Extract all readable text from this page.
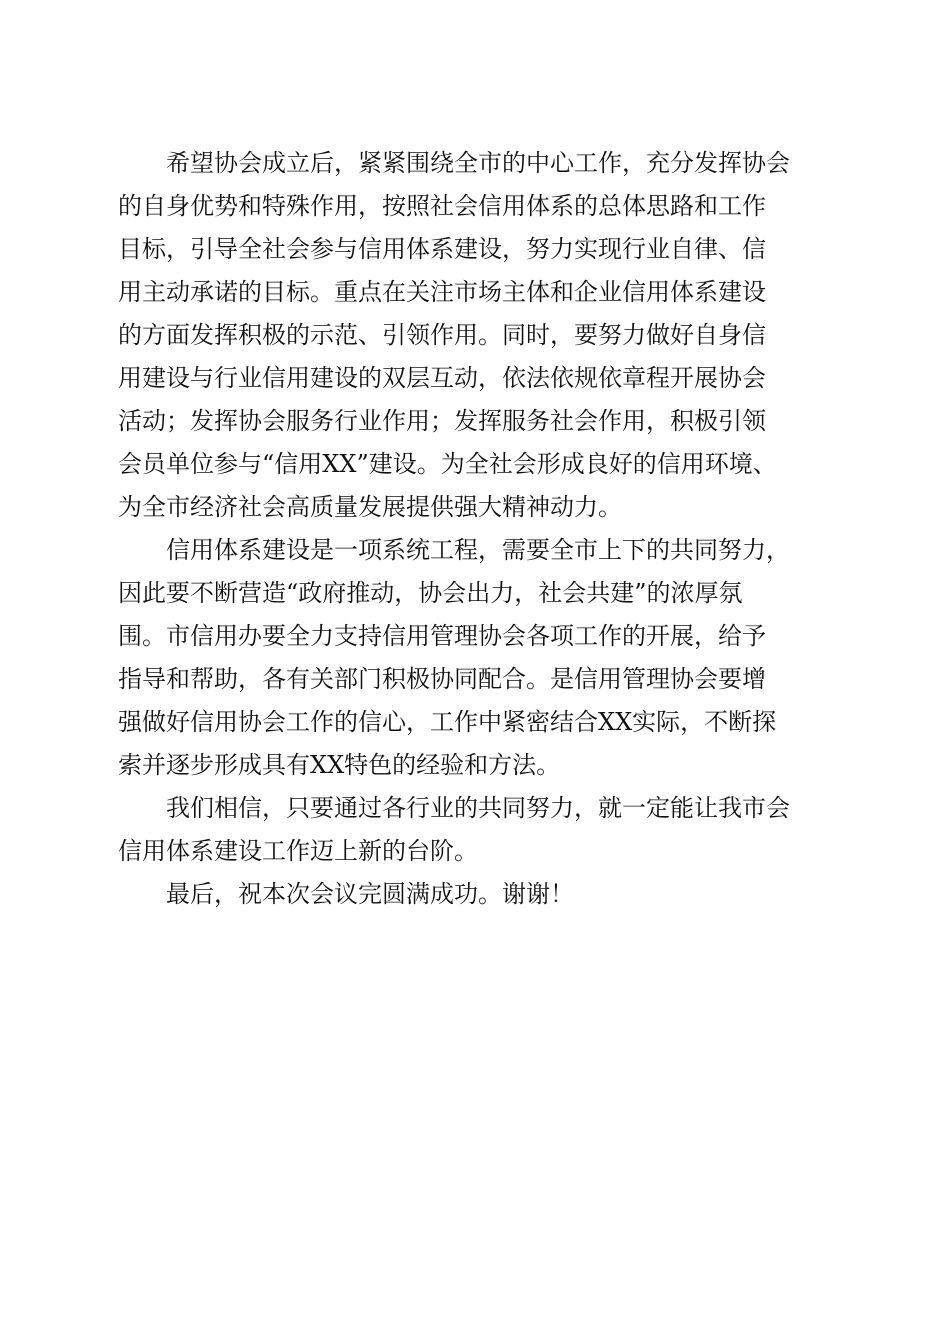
　　希望协会成立后，紧紧围绕全市的中心工作，充分发挥协会
的自身优势和特殊作用，按照社会信用体系的总体思路和工作
目标，引导全社会参与信用体系建设，努力实现行业自律、信
用主动承诺的目标。重点在关注市场主体和企业信用体系建设
的方面发挥积极的示范、引领作用。同时，要努力做好自身信
用建设与行业信用建设的双层互动，依法依规依章程开展协会
活动；发挥协会服务行业作用；发挥服务社会作用，积极引领
会员单位参与“信用XX”建设。为全社会形成良好的信用环境、
为全市经济社会高质量发展提供强大精神动力。
　　信用体系建设是一项系统工程，需要全市上下的共同努力，
因此要不断营造“政府推动，协会出力，社会共建”的浓厚氛
围。市信用办要全力支持信用管理协会各项工作的开展，给予
指导和帮助，各有关部门积极协同配合。是信用管理协会要增
强做好信用协会工作的信心，工作中紧密结合XX实际，不断探
索并逐步形成具有XX特色的经验和方法。
　　我们相信，只要通过各行业的共同努力，就一定能让我市会
信用体系建设工作迈上新的台阶。
　　最后，祝本次会议完圆满成功。谢谢！
